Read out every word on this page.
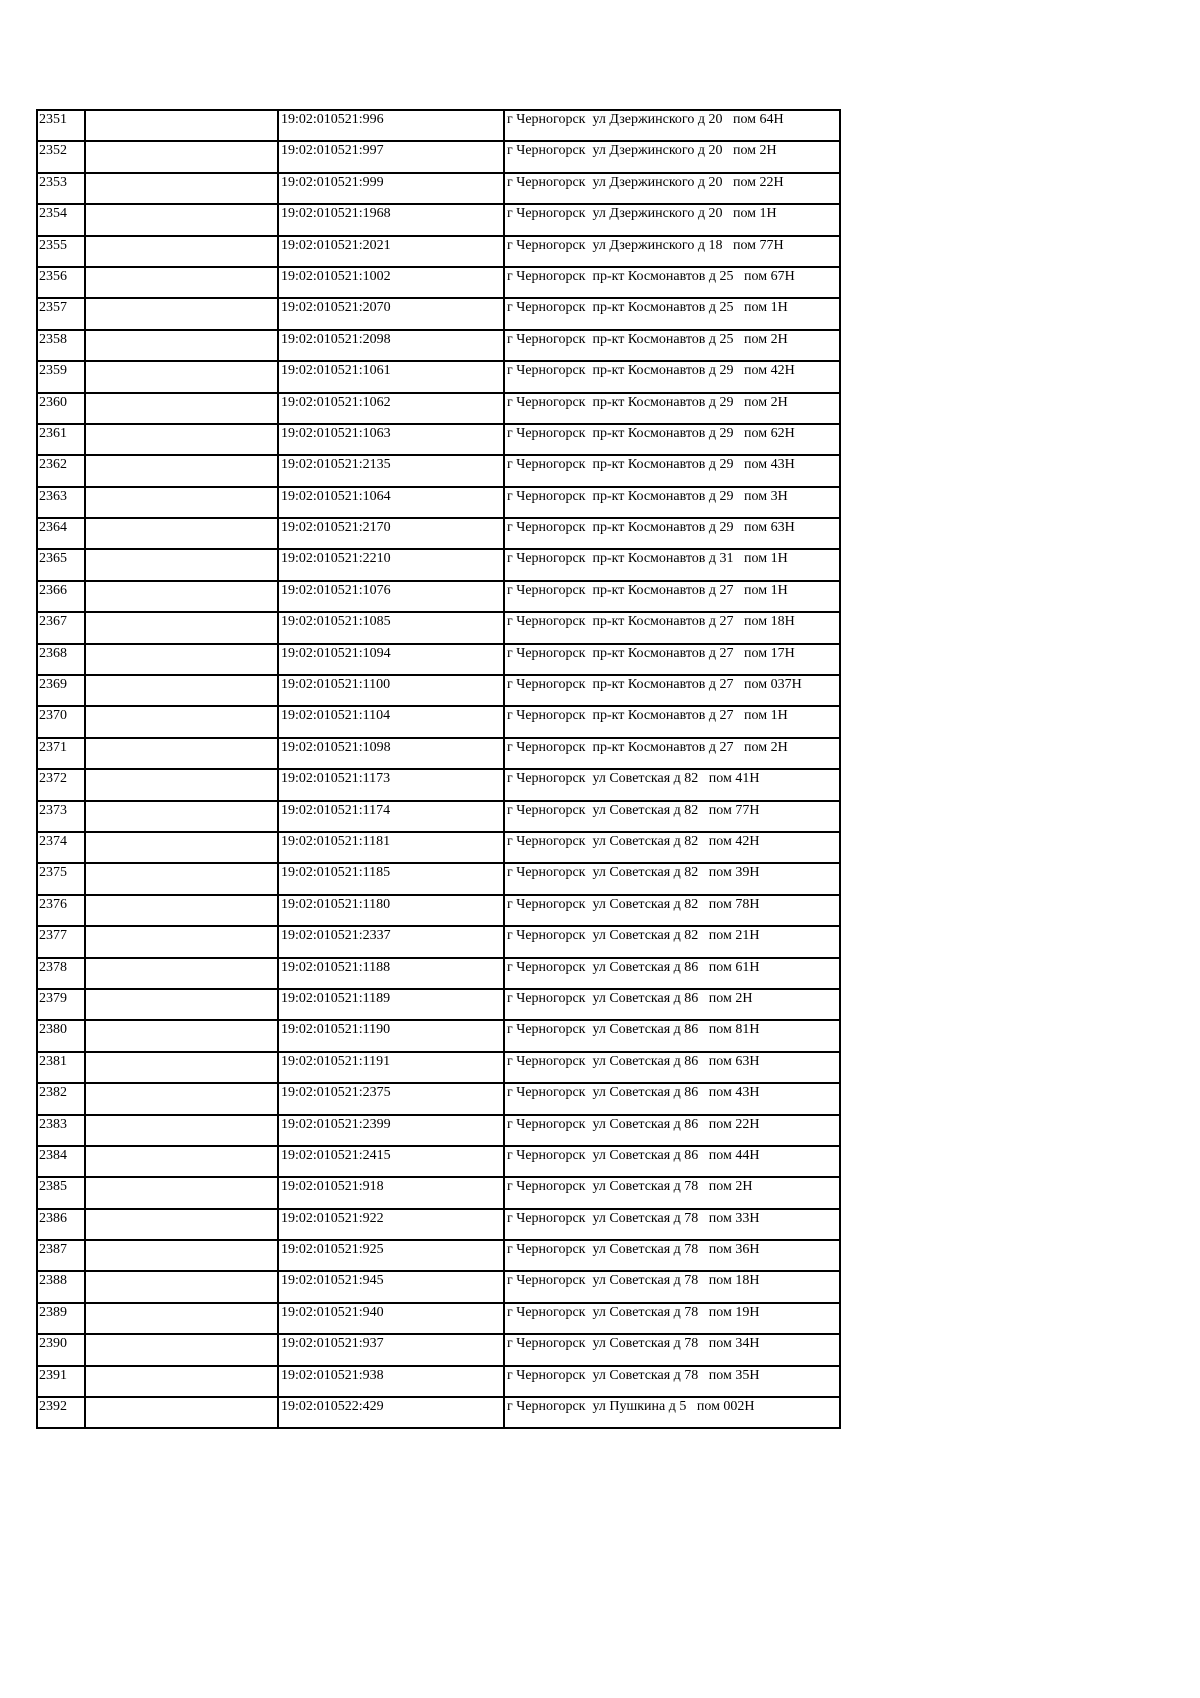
2351		19:02:010521:996	г Черногорск  ул Дзержинского д 20   пом 64Н
2352		19:02:010521:997	г Черногорск  ул Дзержинского д 20   пом 2Н
2353		19:02:010521:999	г Черногорск  ул Дзержинского д 20   пом 22Н
2354		19:02:010521:1968	г Черногорск  ул Дзержинского д 20   пом 1Н
2355		19:02:010521:2021	г Черногорск  ул Дзержинского д 18   пом 77Н
2356		19:02:010521:1002	г Черногорск  пр-кт Космонавтов д 25   пом 67Н
2357		19:02:010521:2070	г Черногорск  пр-кт Космонавтов д 25   пом 1Н
2358		19:02:010521:2098	г Черногорск  пр-кт Космонавтов д 25   пом 2Н
2359		19:02:010521:1061	г Черногорск  пр-кт Космонавтов д 29   пом 42Н
2360		19:02:010521:1062	г Черногорск  пр-кт Космонавтов д 29   пом 2Н
2361		19:02:010521:1063	г Черногорск  пр-кт Космонавтов д 29   пом 62Н
2362		19:02:010521:2135	г Черногорск  пр-кт Космонавтов д 29   пом 43Н
2363		19:02:010521:1064	г Черногорск  пр-кт Космонавтов д 29   пом 3Н
2364		19:02:010521:2170	г Черногорск  пр-кт Космонавтов д 29   пом 63Н
2365		19:02:010521:2210	г Черногорск  пр-кт Космонавтов д 31   пом 1Н
2366		19:02:010521:1076	г Черногорск  пр-кт Космонавтов д 27   пом 1Н
2367		19:02:010521:1085	г Черногорск  пр-кт Космонавтов д 27   пом 18Н
2368		19:02:010521:1094	г Черногорск  пр-кт Космонавтов д 27   пом 17Н
2369		19:02:010521:1100	г Черногорск  пр-кт Космонавтов д 27   пом 037Н
2370		19:02:010521:1104	г Черногорск  пр-кт Космонавтов д 27   пом 1Н
2371		19:02:010521:1098	г Черногорск  пр-кт Космонавтов д 27   пом 2Н
2372		19:02:010521:1173	г Черногорск  ул Советская д 82   пом 41Н
2373		19:02:010521:1174	г Черногорск  ул Советская д 82   пом 77Н
2374		19:02:010521:1181	г Черногорск  ул Советская д 82   пом 42Н
2375		19:02:010521:1185	г Черногорск  ул Советская д 82   пом 39Н
2376		19:02:010521:1180	г Черногорск  ул Советская д 82   пом 78Н
2377		19:02:010521:2337	г Черногорск  ул Советская д 82   пом 21Н
2378		19:02:010521:1188	г Черногорск  ул Советская д 86   пом 61Н
2379		19:02:010521:1189	г Черногорск  ул Советская д 86   пом 2Н
2380		19:02:010521:1190	г Черногорск  ул Советская д 86   пом 81Н
2381		19:02:010521:1191	г Черногорск  ул Советская д 86   пом 63Н
2382		19:02:010521:2375	г Черногорск  ул Советская д 86   пом 43Н
2383		19:02:010521:2399	г Черногорск  ул Советская д 86   пом 22Н
2384		19:02:010521:2415	г Черногорск  ул Советская д 86   пом 44Н
2385		19:02:010521:918	г Черногорск  ул Советская д 78   пом 2Н
2386		19:02:010521:922	г Черногорск  ул Советская д 78   пом 33Н
2387		19:02:010521:925	г Черногорск  ул Советская д 78   пом 36Н
2388		19:02:010521:945	г Черногорск  ул Советская д 78   пом 18Н
2389		19:02:010521:940	г Черногорск  ул Советская д 78   пом 19Н
2390		19:02:010521:937	г Черногорск  ул Советская д 78   пом 34Н
2391		19:02:010521:938	г Черногорск  ул Советская д 78   пом 35Н
2392		19:02:010522:429	г Черногорск  ул Пушкина д 5   пом 002Н
